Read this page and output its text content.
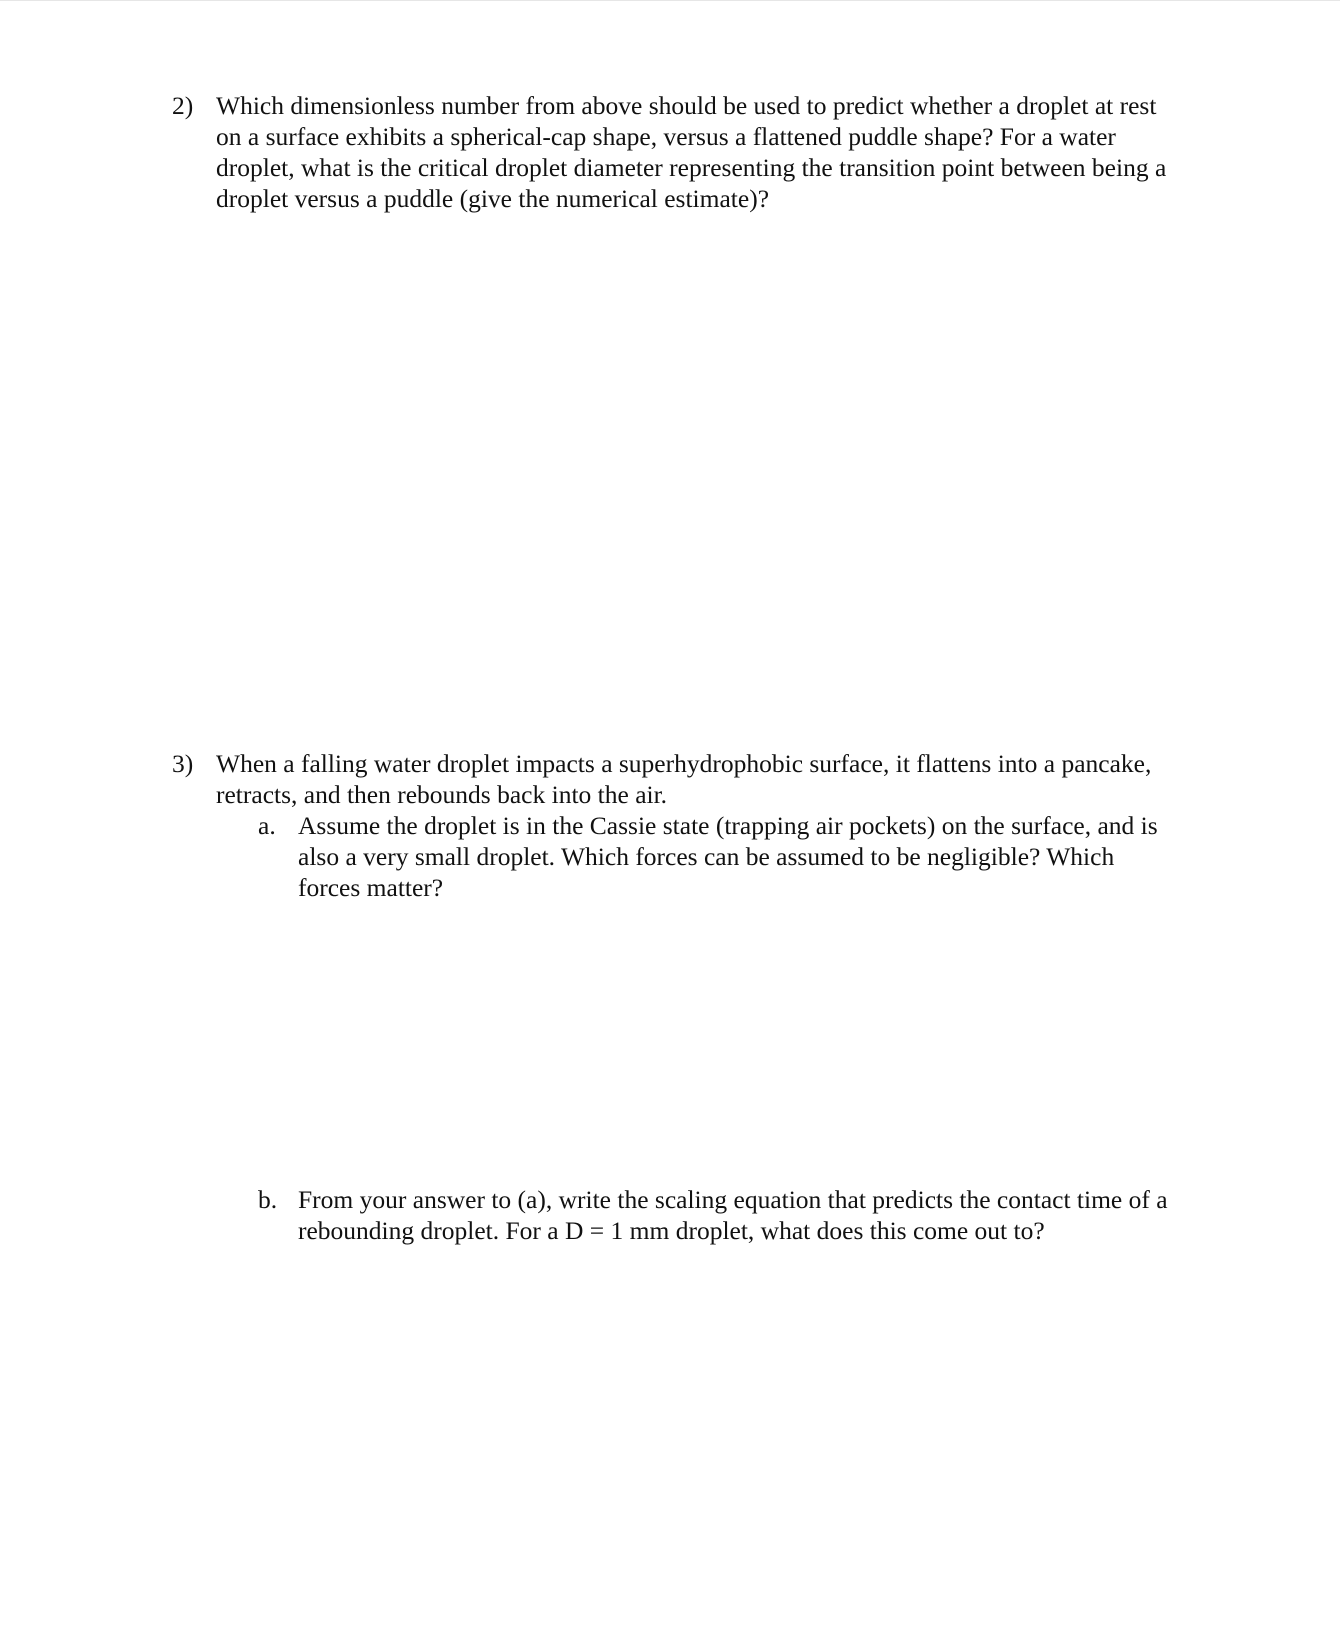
2) Which dimensionless number from above should be used to predict whether a droplet at rest
on a surface exhibits a spherical-cap shape, versus a flattened puddle shape? For a water
droplet, what is the critical droplet diameter representing the transition point between being a
droplet versus a puddle (give the numerical estimate)?
3) When a falling water droplet impacts a superhydrophobic surface, it flattens into a pancake,
retracts, and then rebounds back into the air.
a. Assume the droplet is in the Cassie state (trapping air pockets) on the surface, and is
also a very small droplet. Which forces can be assumed to be negligible? Which
forces matter?
b. From your answer to (a), write the scaling equation that predicts the contact time of a
rebounding droplet. For a D = 1 mm droplet, what does this come out to?
